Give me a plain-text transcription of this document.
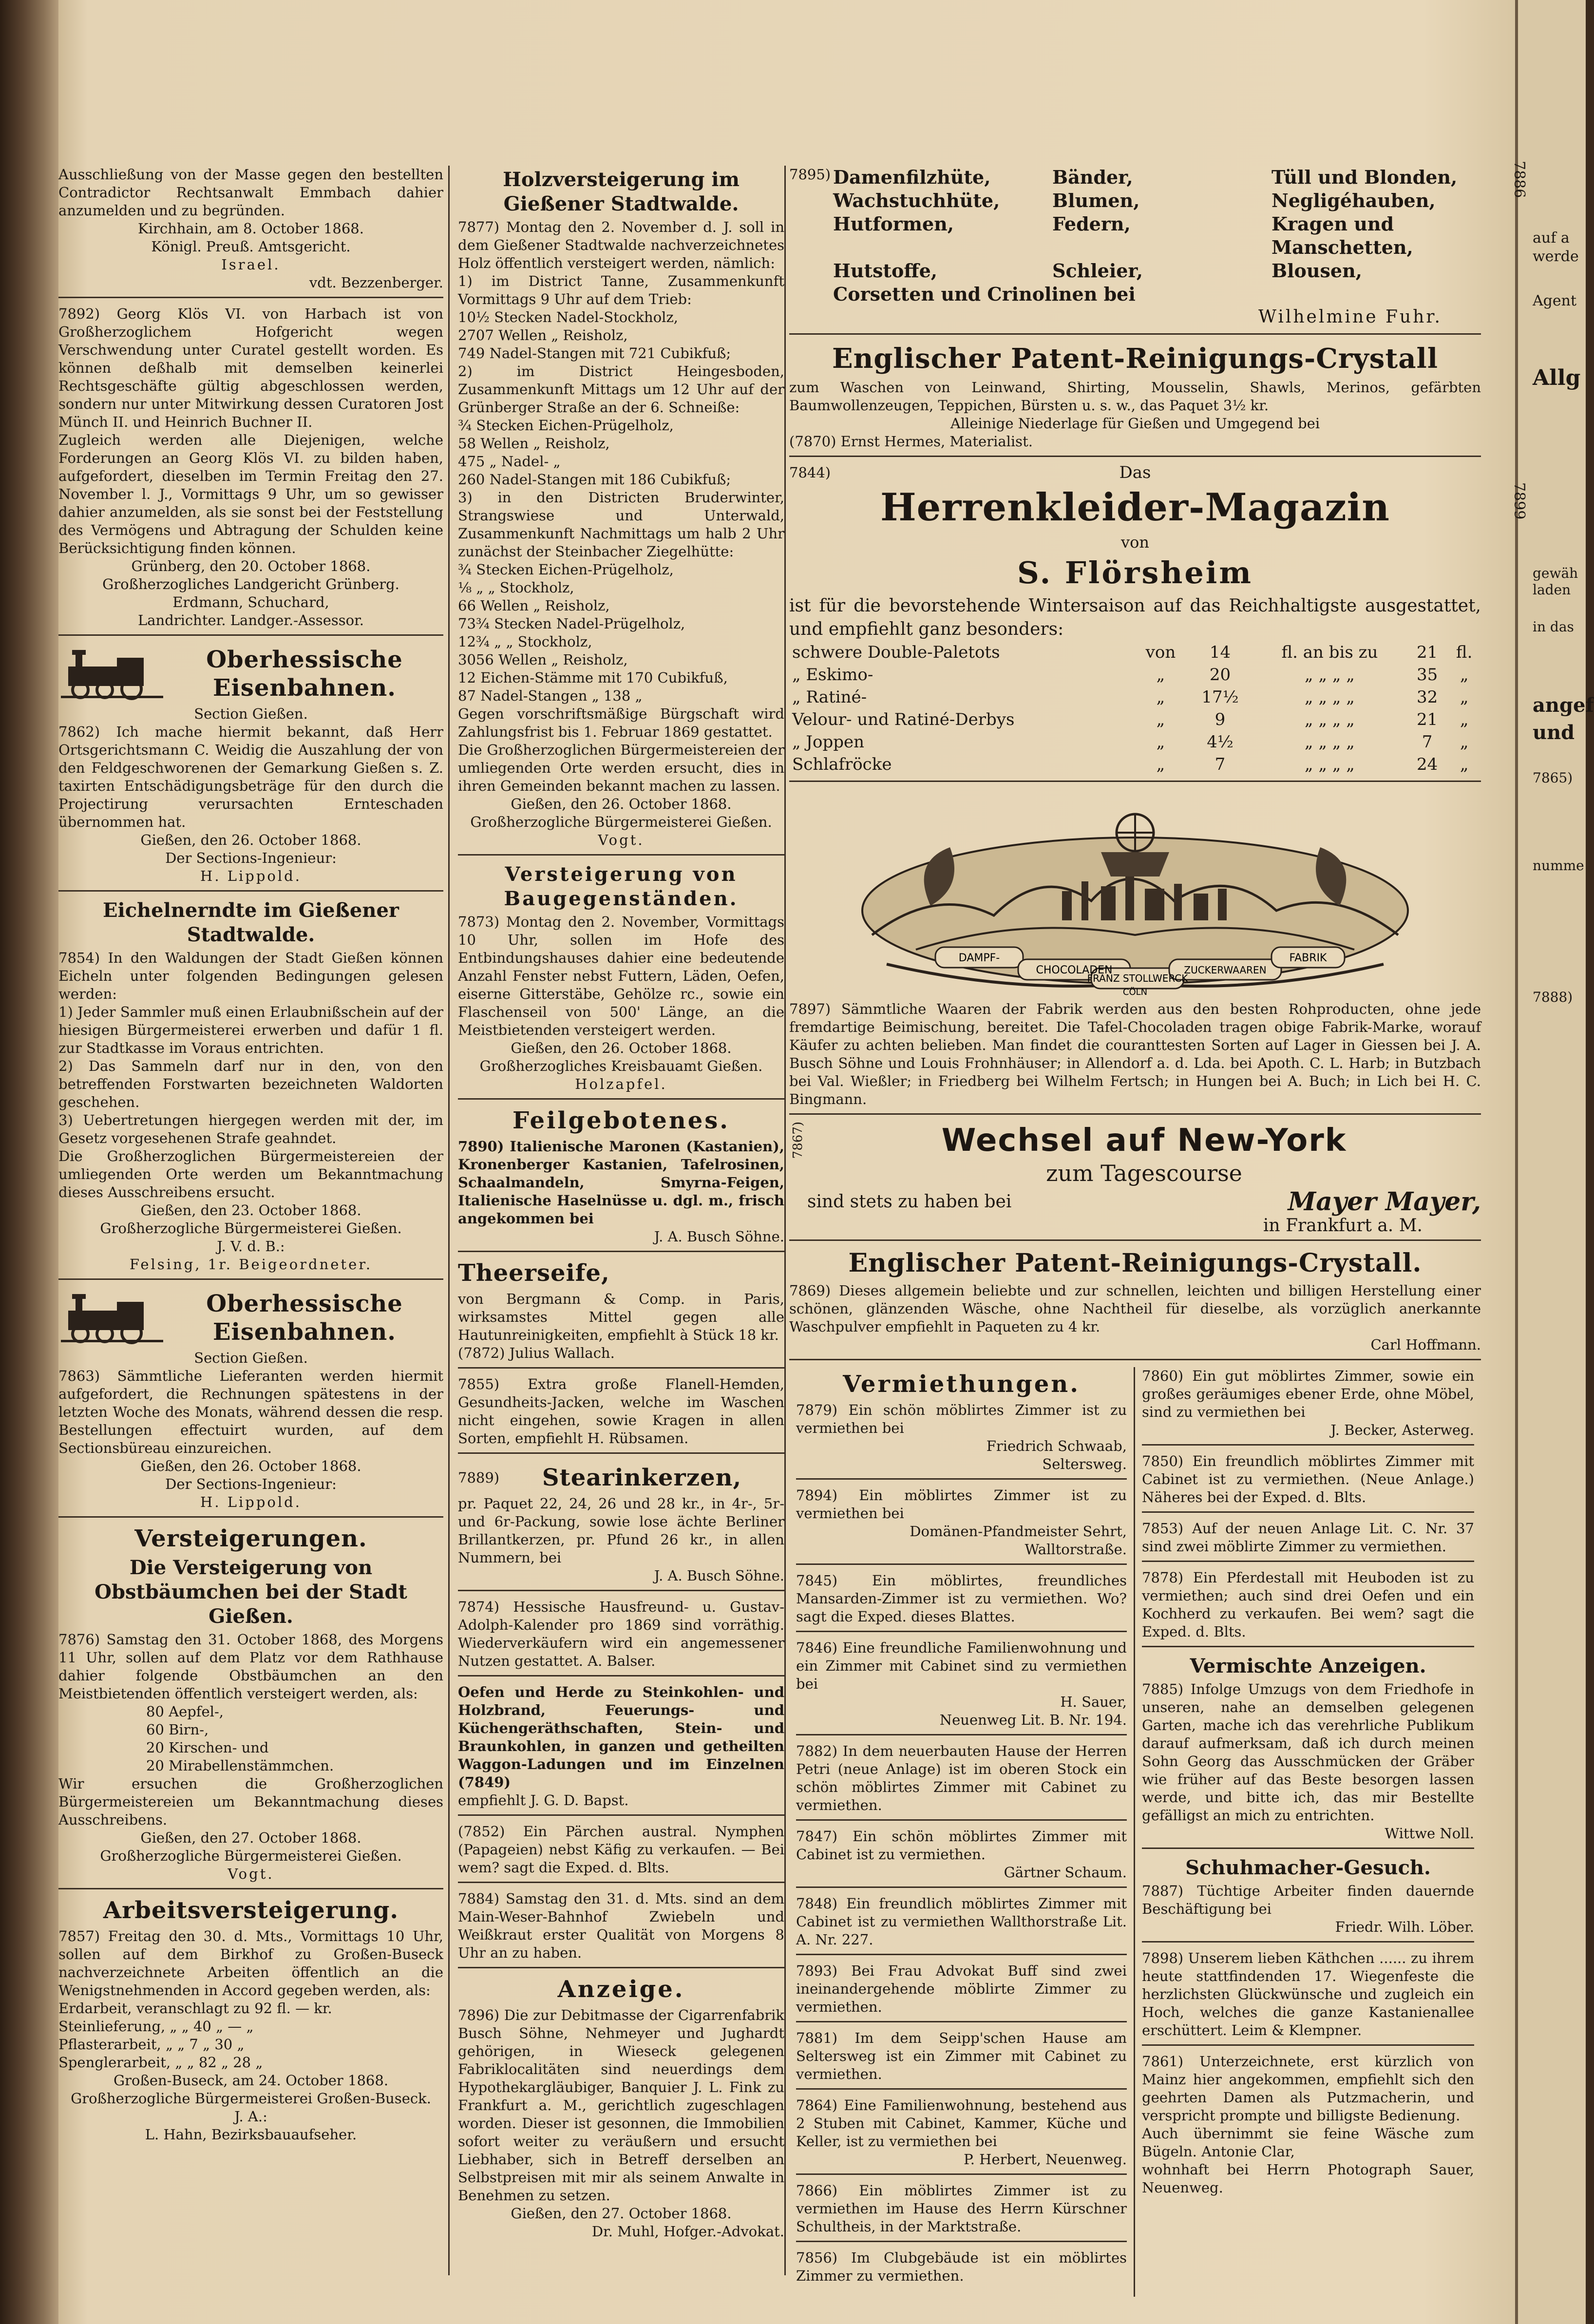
7886
auf a
werde
Agent
Allg
7899
gewäh
laden
in das
angef
und
7865)
numme
7888)

Ausschließung von der Masse gegen den bestellten Contradictor Rechtsanwalt Emmbach dahier anzumelden und zu begründen.

Kirchhain, am 8. October 1868.

Königl. Preuß. Amtsgericht.

Israel.

vdt. Bezzenberger.

7892) Georg Klös VI. von Harbach ist von Großherzoglichem Hofgericht wegen Verschwendung unter Curatel gestellt worden. Es können deßhalb mit demselben keinerlei Rechtsgeschäfte gültig abgeschlossen werden, sondern nur unter Mitwirkung dessen Curatoren Jost Münch II. und Heinrich Buchner II.

Zugleich werden alle Diejenigen, welche Forderungen an Georg Klös VI. zu bilden haben, aufgefordert, dieselben im Termin Freitag den 27. November l. J., Vormittags 9 Uhr, um so gewisser dahier anzumelden, als sie sonst bei der Feststellung des Vermögens und Abtragung der Schulden keine Berücksichtigung finden können.

Grünberg, den 20. October 1868.

Großherzogliches Landgericht Grünberg.

Erdmann, Schuchard,

Landrichter. Landger.-Assessor.

Oberhessische Eisenbahnen.

Section Gießen.

7862) Ich mache hiermit bekannt, daß Herr Ortsgerichtsmann C. Weidig die Auszahlung der von den Feldgeschworenen der Gemarkung Gießen s. Z. taxirten Entschädigungsbeträge für den durch die Projectirung verursachten Ernteschaden übernommen hat.

Gießen, den 26. October 1868.

Der Sections-Ingenieur:

H. Lippold.

Eichelnerndte im Gießener Stadtwalde.

7854) In den Waldungen der Stadt Gießen können Eicheln unter folgenden Bedingungen gelesen werden:

1) Jeder Sammler muß einen Erlaubnißschein auf der hiesigen Bürgermeisterei erwerben und dafür 1 fl. zur Stadtkasse im Voraus entrichten.

2) Das Sammeln darf nur in den, von den betreffenden Forstwarten bezeichneten Waldorten geschehen.

3) Uebertretungen hiergegen werden mit der, im Gesetz vorgesehenen Strafe geahndet.

Die Großherzoglichen Bürgermeistereien der umliegenden Orte werden um Bekanntmachung dieses Ausschreibens ersucht.

Gießen, den 23. October 1868.

Großherzogliche Bürgermeisterei Gießen.

J. V. d. B.:

Felsing, 1r. Beigeordneter.

Oberhessische Eisenbahnen.

Section Gießen.

7863) Sämmtliche Lieferanten werden hiermit aufgefordert, die Rechnungen spätestens in der letzten Woche des Monats, während dessen die resp. Bestellungen effectuirt wurden, auf dem Sectionsbüreau einzureichen.

Gießen, den 26. October 1868.

Der Sections-Ingenieur:

H. Lippold.

Versteigerungen.
Die Versteigerung von Obstbäumchen bei der Stadt Gießen.

7876) Samstag den 31. October 1868, des Morgens 11 Uhr, sollen auf dem Platz vor dem Rathhause dahier folgende Obstbäumchen an den Meistbietenden öffentlich versteigert werden, als:

80 Aepfel-,

60 Birn-,

20 Kirschen- und

20 Mirabellenstämmchen.

Wir ersuchen die Großherzoglichen Bürgermeistereien um Bekanntmachung dieses Ausschreibens.

Gießen, den 27. October 1868.

Großherzogliche Bürgermeisterei Gießen.

Vogt.

Arbeitsversteigerung.

7857) Freitag den 30. d. Mts., Vormittags 10 Uhr, sollen auf dem Birkhof zu Großen-Buseck nachverzeichnete Arbeiten öffentlich an die Wenigstnehmenden in Accord gegeben werden, als:

Erdarbeit, veranschlagt zu 92 fl. — kr.

Steinlieferung, „ „ 40 „ — „

Pflasterarbeit, „ „ 7 „ 30 „

Spenglerarbeit, „ „ 82 „ 28 „

Großen-Buseck, am 24. October 1868.

Großherzogliche Bürgermeisterei Großen-Buseck.

J. A.:

L. Hahn, Bezirksbauaufseher.

Holzversteigerung im Gießener Stadtwalde.

7877) Montag den 2. November d. J. soll in dem Gießener Stadtwalde nachverzeichnetes Holz öffentlich versteigert werden, nämlich:

1) im District Tanne, Zusammenkunft Vormittags 9 Uhr auf dem Trieb:

10½ Stecken Nadel-Stockholz,

2707 Wellen „ Reisholz,

749 Nadel-Stangen mit 721 Cubikfuß;

2) im District Heingesboden, Zusammenkunft Mittags um 12 Uhr auf der Grünberger Straße an der 6. Schneiße:

¾ Stecken Eichen-Prügelholz,

58 Wellen „ Reisholz,

475 „ Nadel- „

260 Nadel-Stangen mit 186 Cubikfuß;

3) in den Districten Bruderwinter, Strangswiese und Unterwald, Zusammenkunft Nachmittags um halb 2 Uhr zunächst der Steinbacher Ziegelhütte:

¾ Stecken Eichen-Prügelholz,

⅛ „ „ Stockholz,

66 Wellen „ Reisholz,

73¾ Stecken Nadel-Prügelholz,

12¾ „ „ Stockholz,

3056 Wellen „ Reisholz,

12 Eichen-Stämme mit 170 Cubikfuß,

87 Nadel-Stangen „ 138 „

Gegen vorschriftsmäßige Bürgschaft wird Zahlungsfrist bis 1. Februar 1869 gestattet.

Die Großherzoglichen Bürgermeistereien der umliegenden Orte werden ersucht, dies in ihren Gemeinden bekannt machen zu lassen.

Gießen, den 26. October 1868.

Großherzogliche Bürgermeisterei Gießen.

Vogt.

Versteigerung von Baugegenständen.

7873) Montag den 2. November, Vormittags 10 Uhr, sollen im Hofe des Entbindungshauses dahier eine bedeutende Anzahl Fenster nebst Futtern, Läden, Oefen, eiserne Gitterstäbe, Gehölze rc., sowie ein Flaschenseil von 500' Länge, an die Meistbietenden versteigert werden.

Gießen, den 26. October 1868.

Großherzogliches Kreisbauamt Gießen.

Holzapfel.

Feilgebotenes.

7890) Italienische Maronen (Kastanien), Kronenberger Kastanien, Tafelrosinen, Schaalmandeln, Smyrna-Feigen, Italienische Haselnüsse u. dgl. m., frisch angekommen bei

J. A. Busch Söhne.

Theerseife,

von Bergmann & Comp. in Paris, wirksamstes Mittel gegen alle Hautunreinigkeiten, empfiehlt à Stück 18 kr.

(7872) Julius Wallach.

7855) Extra große Flanell-Hemden, Gesundheits-Jacken, welche im Waschen nicht eingehen, sowie Kragen in allen Sorten, empfiehlt H. Rübsamen.

7889)	Stearinkerzen,

pr. Paquet 22, 24, 26 und 28 kr., in 4r-, 5r- und 6r-Packung, sowie lose ächte Berliner Brillantkerzen, pr. Pfund 26 kr., in allen Nummern, bei

J. A. Busch Söhne.

7874) Hessische Hausfreund- u. Gustav-Adolph-Kalender pro 1869 sind vorräthig. Wiederverkäufern wird ein angemessener Nutzen gestattet. A. Balser.

Oefen und Herde zu Steinkohlen- und Holzbrand, Feuerungs- und Küchengeräthschaften, Stein- und Braunkohlen, in ganzen und getheilten Waggon-Ladungen und im Einzelnen (7849)

empfiehlt J. G. D. Bapst.

(7852) Ein Pärchen austral. Nymphen (Papageien) nebst Käfig zu verkaufen. — Bei wem? sagt die Exped. d. Blts.

7884) Samstag den 31. d. Mts. sind an dem Main-Weser-Bahnhof Zwiebeln und Weißkraut erster Qualität von Morgens 8 Uhr an zu haben.

Anzeige.

7896) Die zur Debitmasse der Cigarrenfabrik Busch Söhne, Nehmeyer und Jughardt gehörigen, in Wieseck gelegenen Fabriklocalitäten sind neuerdings dem Hypothekargläubiger, Banquier J. L. Fink zu Frankfurt a. M., gerichtlich zugeschlagen worden. Dieser ist gesonnen, die Immobilien sofort weiter zu veräußern und ersucht Liebhaber, sich in Betreff derselben an Selbstpreisen mit mir als seinem Anwalte in Benehmen zu setzen.

Gießen, den 27. October 1868.

Dr. Muhl, Hofger.-Advokat.

7895) Damenfilzhüte,	Bänder,	Tüll und Blonden,
Wachstuchhüte,	Blumen,	Negligéhauben,
Hutformen,	Federn,	Kragen und Manschetten,
Hutstoffe,	Schleier,	Blousen,
Corsetten und Crinolinen bei

Wilhelmine Fuhr.

Englischer Patent-Reinigungs-Crystall

zum Waschen von Leinwand, Shirting, Mousselin, Shawls, Merinos, gefärbten Baumwollenzeugen, Teppichen, Bürsten u. s. w., das Paquet 3½ kr.

Alleinige Niederlage für Gießen und Umgegend bei

(7870) Ernst Hermes, Materialist.

7844)	Das
Herrenkleider-Magazin

von

S. Flörsheim

ist für die bevorstehende Wintersaison auf das Reichhaltigste ausgestattet, und empfiehlt ganz besonders:

schwere Double-Paletots	von	14	fl. an bis zu	21	fl.
„ Eskimo-	„	20	„ „ „ „	35	„
„ Ratiné-	„	17½	„ „ „ „	32	„
Velour- und Ratiné-Derbys	„	9	„ „ „ „	21	„
„ Joppen	„	4½	„ „ „ „	7	„
Schlafröcke	„	7	„ „ „ „	24	„
DAMPF-
CHOCOLADEN
FRANZ STOLLWERCK
ZUCKERWAAREN
FABRIK
CÖLN

7897) Sämmtliche Waaren der Fabrik werden aus den besten Rohproducten, ohne jede fremdartige Beimischung, bereitet. Die Tafel-Chocoladen tragen obige Fabrik-Marke, worauf Käufer zu achten belieben. Man findet die couranttesten Sorten auf Lager in Giessen bei J. A. Busch Söhne und Louis Frohnhäuser; in Allendorf a. d. Lda. bei Apoth. C. L. Harb; in Butzbach bei Val. Wießler; in Friedberg bei Wilhelm Fertsch; in Hungen bei A. Buch; in Lich bei H. C. Bingmann.

7867)	Wechsel auf New-York
zum Tagescourse
sind stets zu haben bei	Mayer Mayer,

in Frankfurt a. M.

Englischer Patent-Reinigungs-Crystall.

7869) Dieses allgemein beliebte und zur schnellen, leichten und billigen Herstellung einer schönen, glänzenden Wäsche, ohne Nachtheil für dieselbe, als vorzüglich anerkannte Waschpulver empfiehlt in Paqueten zu 4 kr.

Carl Hoffmann.

Vermiethungen.

7879) Ein schön möblirtes Zimmer ist zu vermiethen bei

Friedrich Schwaab,

Seltersweg.

7894) Ein möblirtes Zimmer ist zu vermiethen bei

Domänen-Pfandmeister Sehrt,

Walltorstraße.

7845) Ein möblirtes, freundliches Mansarden-Zimmer ist zu vermiethen. Wo? sagt die Exped. dieses Blattes.

7846) Eine freundliche Familienwohnung und ein Zimmer mit Cabinet sind zu vermiethen bei

H. Sauer,

Neuenweg Lit. B. Nr. 194.

7882) In dem neuerbauten Hause der Herren Petri (neue Anlage) ist im oberen Stock ein schön möblirtes Zimmer mit Cabinet zu vermiethen.

7847) Ein schön möblirtes Zimmer mit Cabinet ist zu vermiethen.

Gärtner Schaum.

7848) Ein freundlich möblirtes Zimmer mit Cabinet ist zu vermiethen Wallthorstraße Lit. A. Nr. 227.

7893) Bei Frau Advokat Buff sind zwei ineinandergehende möblirte Zimmer zu vermiethen.

7881) Im dem Seipp'schen Hause am Seltersweg ist ein Zimmer mit Cabinet zu vermiethen.

7864) Eine Familienwohnung, bestehend aus 2 Stuben mit Cabinet, Kammer, Küche und Keller, ist zu vermiethen bei

P. Herbert, Neuenweg.

7866) Ein möblirtes Zimmer ist zu vermiethen im Hause des Herrn Kürschner Schultheis, in der Marktstraße.

7856) Im Clubgebäude ist ein möblirtes Zimmer zu vermiethen.

7860) Ein gut möblirtes Zimmer, sowie ein großes geräumiges ebener Erde, ohne Möbel, sind zu vermiethen bei

J. Becker, Asterweg.

7850) Ein freundlich möblirtes Zimmer mit Cabinet ist zu vermiethen. (Neue Anlage.) Näheres bei der Exped. d. Blts.

7853) Auf der neuen Anlage Lit. C. Nr. 37 sind zwei möblirte Zimmer zu vermiethen.

7878) Ein Pferdestall mit Heuboden ist zu vermiethen; auch sind drei Oefen und ein Kochherd zu verkaufen. Bei wem? sagt die Exped. d. Blts.

Vermischte Anzeigen.

7885) Infolge Umzugs von dem Friedhofe in unseren, nahe an demselben gelegenen Garten, mache ich das verehrliche Publikum darauf aufmerksam, daß ich durch meinen Sohn Georg das Ausschmücken der Gräber wie früher auf das Beste besorgen lassen werde, und bitte ich, das mir Bestellte gefälligst an mich zu entrichten.

Wittwe Noll.

Schuhmacher-Gesuch.

7887) Tüchtige Arbeiter finden dauernde Beschäftigung bei

Friedr. Wilh. Löber.

7898) Unserem lieben Käthchen ...... zu ihrem heute stattfindenden 17. Wiegenfeste die herzlichsten Glückwünsche und zugleich ein Hoch, welches die ganze Kastanienallee erschüttert. Leim & Klempner.

7861) Unterzeichnete, erst kürzlich von Mainz hier angekommen, empfiehlt sich den geehrten Damen als Putzmacherin, und verspricht prompte und billigste Bedienung.

Auch übernimmt sie feine Wäsche zum Bügeln. Antonie Clar,

wohnhaft bei Herrn Photograph Sauer, Neuenweg.
